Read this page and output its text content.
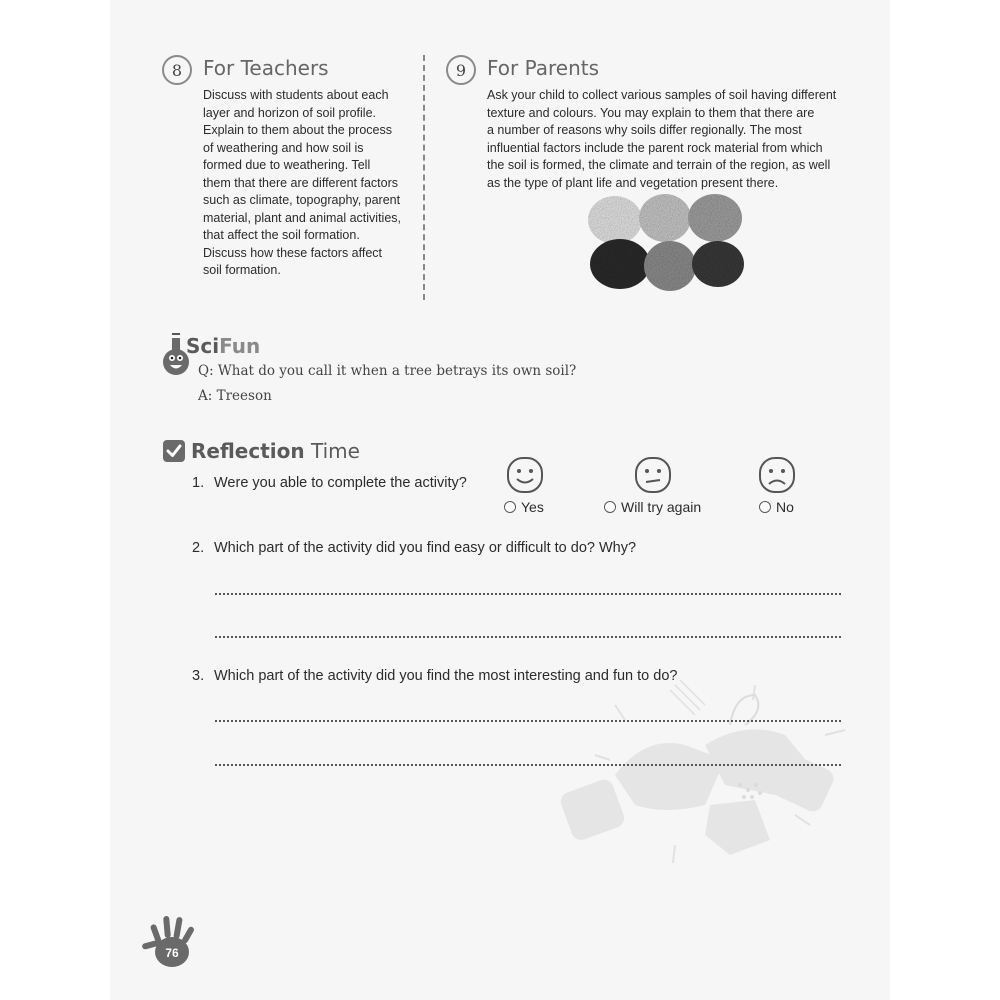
8	For Teachers

Discuss with students about each

layer and horizon of soil profile.

Explain to them about the process

of weathering and how soil is

formed due to weathering. Tell

them that there are different factors

such as climate, topography, parent

material, plant and animal activities,

that affect the soil formation.

Discuss how these factors affect

soil formation.

9	For Parents

Ask your child to collect various samples of soil having different

texture and colours. You may explain to them that there are

a number of reasons why soils differ regionally. The most

influential factors include the parent rock material from which

the soil is formed, the climate and terrain of the region, as well

as the type of plant life and vegetation present there.

SciFun
Q: What do you call it when a tree betrays its own soil?
A: Treeson
Reflection Time
1. Were you able to complete the activity?
Yes	Will try again	No
2. Which part of the activity did you find easy or difficult to do? Why?
3. Which part of the activity did you find the most interesting and fun to do?
76
